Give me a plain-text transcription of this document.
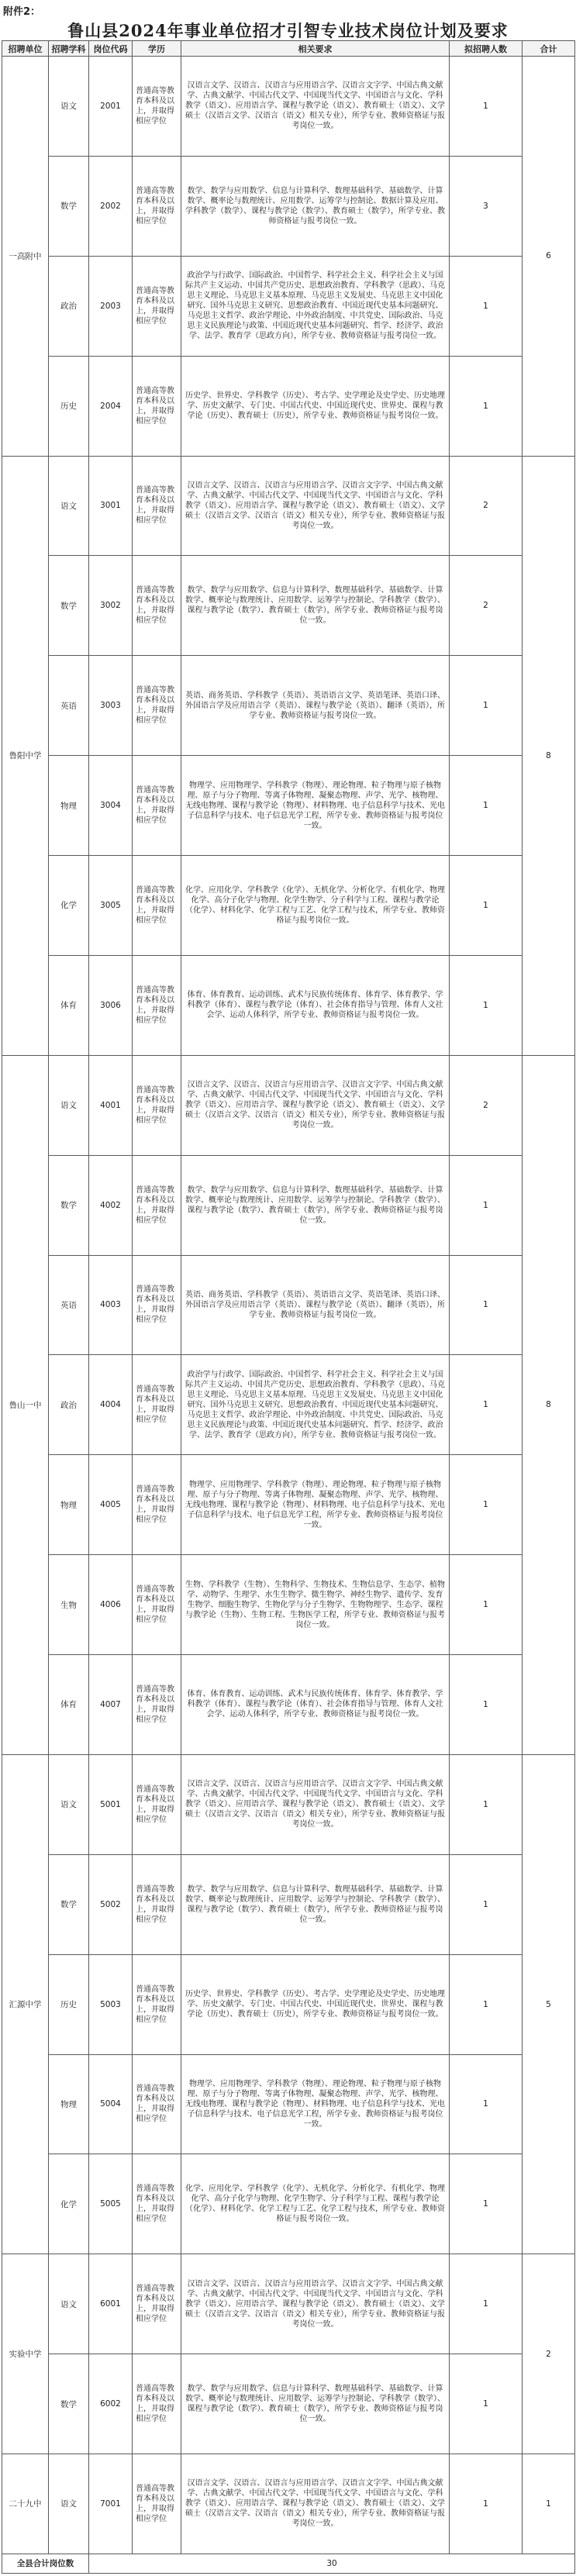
附件2：
鲁山县2024年事业单位招才引智专业技术岗位计划及要求
招聘单位	招聘学科	岗位代码	学历	相关要求	拟招聘人数	合计
一高附中	语文	2001	普通高等教育本科及以上，并取得相应学位	汉语言文学、汉语言、汉语言与应用语言学、汉语言文字学、中国古典文献学、古典文献学、中国古代文学、中国现当代文学、中国语言与文化、学科教学（语文）、应用语言学、课程与教学论（语文）、教育硕士（语文）、文学硕士（汉语言文学、汉语言（语文）相关专业），所学专业、教师资格证与报考岗位一致。	1	6
	数学	2002	普通高等教育本科及以上，并取得相应学位	数学、数学与应用数学、信息与计算科学、数理基础科学、基础数学、计算数学、概率论与数理统计、应用数学、运筹学与控制论、数据计算及应用、学科教学（数学）、课程与教学论（数学）、教育硕士（数学），所学专业、教师资格证与报考岗位一致。	3	
	政治	2003	普通高等教育本科及以上，并取得相应学位	政治学与行政学、国际政治、中国哲学、科学社会主义、科学社会主义与国际共产主义运动、中国共产党历史、思想政治教育、学科教学（思政）、马克思主义理论、马克思主义基本原理、马克思主义发展史、马克思主义中国化研究、国外马克思主义研究、思想政治教育、中国近现代史基本问题研究、马克思主义哲学、政治学理论、中外政治制度、中共党史、国际政治、马克思主义民族理论与政策、中国近现代史基本问题研究、哲学、经济学、政治学、法学、教育学（思政方向），所学专业、教师资格证与报考岗位一致。	1	
	历史	2004	普通高等教育本科及以上，并取得相应学位	历史学、世界史、学科教学（历史）、考古学、史学理论及史学史、历史地理学、历史文献学、专门史、中国古代史、中国近现代史、世界史、课程与教学论（历史）、教育硕士（历史），所学专业、教师资格证与报考岗位一致。	1	
鲁阳中学	语文	3001	普通高等教育本科及以上，并取得相应学位	汉语言文学、汉语言、汉语言与应用语言学、汉语言文字学、中国古典文献学、古典文献学、中国古代文学、中国现当代文学、中国语言与文化、学科教学（语文）、应用语言学、课程与教学论（语文）、教育硕士（语文）、文学硕士（汉语言文学、汉语言（语文）相关专业），所学专业、教师资格证与报考岗位一致。	2	8
	数学	3002	普通高等教育本科及以上，并取得相应学位	数学、数学与应用数学、信息与计算科学、数理基础科学、基础数学、计算数学、概率论与数理统计、应用数学、运筹学与控制论、学科教学（数学）、课程与教学论（数学）、教育硕士（数学），所学专业、教师资格证与报考岗位一致。	2	
	英语	3003	普通高等教育本科及以上，并取得相应学位	英语、商务英语、学科教学（英语）、英语语言文学、英语笔译、英语口译、外国语言学及应用语言学（英语）、课程与教学论（英语）、翻译（英语），所学专业、教师资格证与报考岗位一致。	1	
	物理	3004	普通高等教育本科及以上，并取得相应学位	物理学、应用物理学、学科教学（物理）、理论物理、粒子物理与原子核物理、原子与分子物理、等离子体物理、凝聚态物理、声学、光学、核物理、无线电物理、课程与教学论（物理）、材料物理、电子信息科学与技术、光电子信息科学与技术、电子信息光学工程，所学专业、教师资格证与报考岗位一致。	1	
	化学	3005	普通高等教育本科及以上，并取得相应学位	化学、应用化学、学科教学（化学）、无机化学、分析化学、有机化学、物理化学、高分子化学与物理、化学生物学、分子科学与工程、课程与教学论（化学）、材料化学、化学工程与工艺、化学工程与技术，所学专业、教师资格证与报考岗位一致。	1	
	体育	3006	普通高等教育本科及以上，并取得相应学位	体育、体育教育、运动训练、武术与民族传统体育、体育学、体育教学、学科教学（体育）、课程与教学论（体育）、社会体育指导与管理、体育人文社会学、运动人体科学，所学专业、教师资格证与报考岗位一致。	1	
鲁山一中	语文	4001	普通高等教育本科及以上，并取得相应学位	汉语言文学、汉语言、汉语言与应用语言学、汉语言文字学、中国古典文献学、古典文献学、中国古代文学、中国现当代文学、中国语言与文化、学科教学（语文）、应用语言学、课程与教学论（语文）、教育硕士（语文）、文学硕士（汉语言文学、汉语言（语文）相关专业），所学专业、教师资格证与报考岗位一致。	2	8
	数学	4002	普通高等教育本科及以上，并取得相应学位	数学、数学与应用数学、信息与计算科学、数理基础科学、基础数学、计算数学、概率论与数理统计、应用数学、运筹学与控制论、学科教学（数学）、课程与教学论（数学）、教育硕士（数学），所学专业、教师资格证与报考岗位一致。	1	
	英语	4003	普通高等教育本科及以上，并取得相应学位	英语、商务英语、学科教学（英语）、英语语言文学、英语笔译、英语口译、外国语言学及应用语言学（英语）、课程与教学论（英语）、翻译（英语），所学专业、教师资格证与报考岗位一致。	1	
	政治	4004	普通高等教育本科及以上，并取得相应学位	政治学与行政学、国际政治、中国哲学、科学社会主义、科学社会主义与国际共产主义运动、中国共产党历史、思想政治教育、学科教学（思政）、马克思主义理论、马克思主义基本原理、马克思主义发展史、马克思主义中国化研究、国外马克思主义研究、思想政治教育、中国近现代史基本问题研究、马克思主义哲学、政治学理论、中外政治制度、中共党史、国际政治、马克思主义民族理论与政策、中国近现代史基本问题研究、哲学、经济学、政治学、法学、教育学（思政方向），所学专业、教师资格证与报考岗位一致。	1	
	物理	4005	普通高等教育本科及以上，并取得相应学位	物理学、应用物理学、学科教学（物理）、理论物理、粒子物理与原子核物理、原子与分子物理、等离子体物理、凝聚态物理、声学、光学、核物理、无线电物理、课程与教学论（物理）、材料物理、电子信息科学与技术、光电子信息科学与技术、电子信息光学工程，所学专业、教师资格证与报考岗位一致。	1	
	生物	4006	普通高等教育本科及以上，并取得相应学位	生物、学科教学（生物）、生物科学、生物技术、生物信息学、生态学、植物学、动物学、生理学、水生生物学、微生物学、神经生物学、遗传学、发育生物学、细胞生物学、生物化学与分子生物学、生物物理学、生态学、课程与教学论（生物）、生物工程、生物医学工程，所学专业、教师资格证与报考岗位一致。	1	
	体育	4007	普通高等教育本科及以上，并取得相应学位	体育、体育教育、运动训练、武术与民族传统体育、体育学、体育教学、学科教学（体育）、课程与教学论（体育）、社会体育指导与管理、体育人文社会学、运动人体科学，所学专业、教师资格证与报考岗位一致。	1	
汇源中学	语文	5001	普通高等教育本科及以上，并取得相应学位	汉语言文学、汉语言、汉语言与应用语言学、汉语言文字学、中国古典文献学、古典文献学、中国古代文学、中国现当代文学、中国语言与文化、学科教学（语文）、应用语言学、课程与教学论（语文）、教育硕士（语文）、文学硕士（汉语言文学、汉语言（语文）相关专业），所学专业、教师资格证与报考岗位一致。	1	5
	数学	5002	普通高等教育本科及以上，并取得相应学位	数学、数学与应用数学、信息与计算科学、数理基础科学、基础数学、计算数学、概率论与数理统计、应用数学、运筹学与控制论、学科教学（数学）、课程与教学论（数学）、教育硕士（数学），所学专业、教师资格证与报考岗位一致。	1	
	历史	5003	普通高等教育本科及以上，并取得相应学位	历史学、世界史、学科教学（历史）、考古学、史学理论及史学史、历史地理学、历史文献学、专门史、中国古代史、中国近现代史、世界史、课程与教学论（历史）、教育硕士（历史），所学专业、教师资格证与报考岗位一致。	1	
	物理	5004	普通高等教育本科及以上，并取得相应学位	物理学、应用物理学、学科教学（物理）、理论物理、粒子物理与原子核物理、原子与分子物理、等离子体物理、凝聚态物理、声学、光学、核物理、无线电物理、课程与教学论（物理）、材料物理、电子信息科学与技术、光电子信息科学与技术、电子信息光学工程，所学专业、教师资格证与报考岗位一致。	1	
	化学	5005	普通高等教育本科及以上，并取得相应学位	化学、应用化学、学科教学（化学）、无机化学、分析化学、有机化学、物理化学、高分子化学与物理、化学生物学、分子科学与工程、课程与教学论（化学）、材料化学、化学工程与工艺、化学工程与技术，所学专业、教师资格证与报考岗位一致。	1	
实验中学	语文	6001	普通高等教育本科及以上，并取得相应学位	汉语言文学、汉语言、汉语言与应用语言学、汉语言文字学、中国古典文献学、古典文献学、中国古代文学、中国现当代文学、中国语言与文化、学科教学（语文）、应用语言学、课程与教学论（语文）、教育硕士（语文）、文学硕士（汉语言文学、汉语言（语文）相关专业），所学专业、教师资格证与报考岗位一致。	1	2
	数学	6002	普通高等教育本科及以上，并取得相应学位	数学、数学与应用数学、信息与计算科学、数理基础科学、基础数学、计算数学、概率论与数理统计、应用数学、运筹学与控制论、学科教学（数学）、课程与教学论（数学）、教育硕士（数学），所学专业、教师资格证与报考岗位一致。	1	
二十九中	语文	7001	普通高等教育本科及以上，并取得相应学位	汉语言文学、汉语言、汉语言与应用语言学、汉语言文字学、中国古典文献学、古典文献学、中国古代文学、中国现当代文学、中国语言与文化、学科教学（语文）、应用语言学、课程与教学论（语文）、教育硕士（语文）、文学硕士（汉语言文学、汉语言（语文）相关专业），所学专业、教师资格证与报考岗位一致。	1	1
全县合计岗位数		30				
